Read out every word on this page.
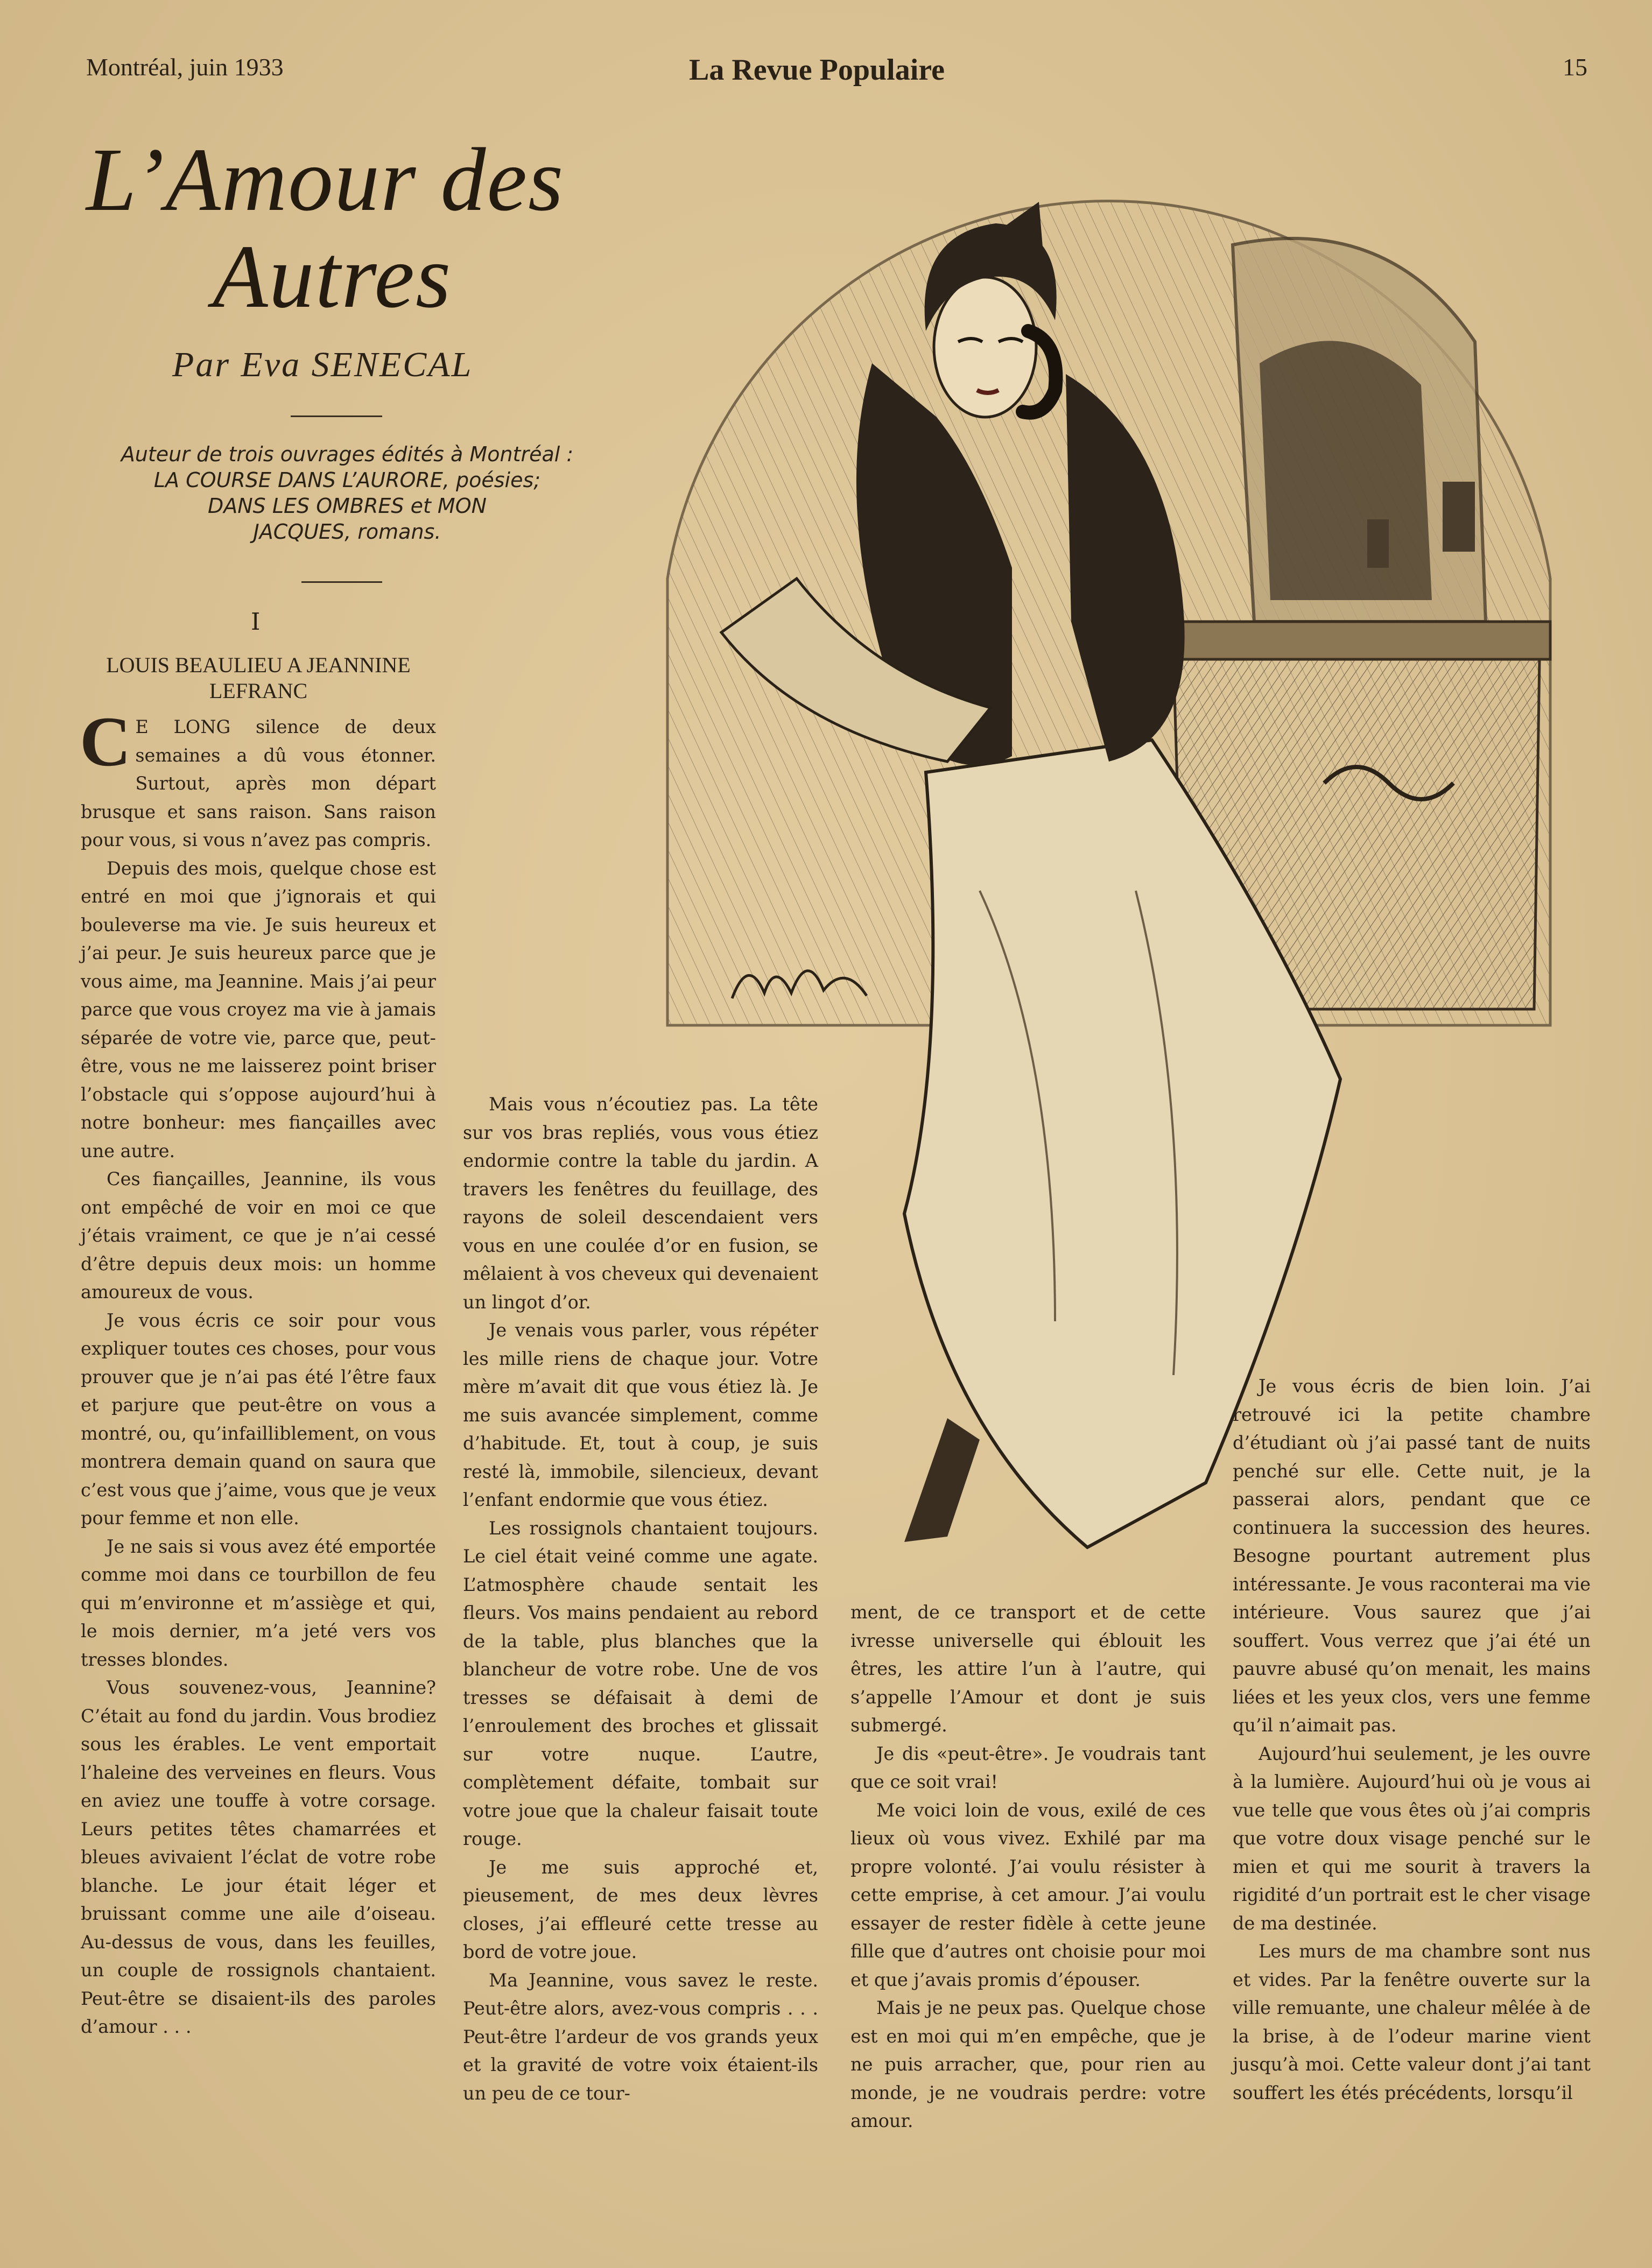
Montréal, juin 1933	La Revue Populaire	15
L’Amour des
Autres
Par Eva SENECAL
Auteur de trois ouvrages édités à Montréal :
LA COURSE DANS L’AURORE, poésies;
DANS LES OMBRES et MON
JACQUES, romans.
I
LOUIS BEAULIEU A JEANNINE LEFRANC

C E LONG silence de deux semaines a dû vous étonner. Surtout, après mon départ brusque et sans raison. Sans raison pour vous, si vous n’avez pas compris.

Depuis des mois, quelque chose est entré en moi que j’ignorais et qui bouleverse ma vie. Je suis heureux et j’ai peur. Je suis heureux parce que je vous aime, ma Jeannine. Mais j’ai peur parce que vous croyez ma vie à jamais séparée de votre vie, parce que, peut-être, vous ne me laisserez point briser l’obstacle qui s’oppose aujourd’hui à notre bonheur: mes fiançailles avec une autre.

Ces fiançailles, Jeannine, ils vous ont empêché de voir en moi ce que j’étais vraiment, ce que je n’ai cessé d’être depuis deux mois: un homme amoureux de vous.

Je vous écris ce soir pour vous expliquer toutes ces choses, pour vous prouver que je n’ai pas été l’être faux et parjure que peut-être on vous a montré, ou, qu’infailliblement, on vous montrera demain quand on saura que c’est vous que j’aime, vous que je veux pour femme et non elle.

Je ne sais si vous avez été emportée comme moi dans ce tourbillon de feu qui m’environne et m’assiège et qui, le mois dernier, m’a jeté vers vos tresses blondes.

Vous souvenez-vous, Jeannine? C’était au fond du jardin. Vous brodiez sous les érables. Le vent emportait l’haleine des verveines en fleurs. Vous en aviez une touffe à votre corsage. Leurs petites têtes chamarrées et bleues avivaient l’éclat de votre robe blanche. Le jour était léger et bruissant comme une aile d’oiseau. Au-dessus de vous, dans les feuilles, un couple de rossignols chantaient. Peut-être se disaient-ils des paroles d’amour . . .

Mais vous n’écoutiez pas. La tête sur vos bras repliés, vous vous étiez endormie contre la table du jardin. A travers les fenêtres du feuillage, des rayons de soleil descendaient vers vous en une coulée d’or en fusion, se mêlaient à vos cheveux qui devenaient un lingot d’or.

Je venais vous parler, vous répéter les mille riens de chaque jour. Votre mère m’avait dit que vous étiez là. Je me suis avancée simplement, comme d’habitude. Et, tout à coup, je suis resté là, immobile, silencieux, devant l’enfant endormie que vous étiez.

Les rossignols chantaient toujours. Le ciel était veiné comme une agate. L’atmosphère chaude sentait les fleurs. Vos mains pendaient au rebord de la table, plus blanches que la blancheur de votre robe. Une de vos tresses se défaisait à demi de l’enroulement des broches et glissait sur votre nuque. L’autre, complètement défaite, tombait sur votre joue que la chaleur faisait toute rouge.

Je me suis approché et, pieusement, de mes deux lèvres closes, j’ai effleuré cette tresse au bord de votre joue.

Ma Jeannine, vous savez le reste. Peut-être alors, avez-vous compris . . . Peut-être l’ardeur de vos grands yeux et la gravité de votre voix étaient-ils un peu de ce tour-

ment, de ce transport et de cette ivresse universelle qui éblouit les êtres, les attire l’un à l’autre, qui s’appelle l’Amour et dont je suis submergé.

Je dis «peut-être». Je voudrais tant que ce soit vrai!

Me voici loin de vous, exilé de ces lieux où vous vivez. Exhilé par ma propre volonté. J’ai voulu résister à cette emprise, à cet amour. J’ai voulu essayer de rester fidèle à cette jeune fille que d’autres ont choisie pour moi et que j’avais promis d’épouser.

Mais je ne peux pas. Quelque chose est en moi qui m’en empêche, que je ne puis arracher, que, pour rien au monde, je ne voudrais perdre: votre amour.

Je vous écris de bien loin. J’ai retrouvé ici la petite chambre d’étudiant où j’ai passé tant de nuits penché sur elle. Cette nuit, je la passerai alors, pendant que ce continuera la succession des heures. Besogne pourtant autrement plus intéressante. Je vous raconterai ma vie intérieure. Vous saurez que j’ai souffert. Vous verrez que j’ai été un pauvre abusé qu’on menait, les mains liées et les yeux clos, vers une femme qu’il n’aimait pas.

Aujourd’hui seulement, je les ouvre à la lumière. Aujourd’hui où je vous ai vue telle que vous êtes où j’ai compris que votre doux visage penché sur le mien et qui me sourit à travers la rigidité d’un portrait est le cher visage de ma destinée.

Les murs de ma chambre sont nus et vides. Par la fenêtre ouverte sur la ville remuante, une chaleur mêlée à de la brise, à de l’odeur marine vient jusqu’à moi. Cette valeur dont j’ai tant souffert les étés précédents, lorsqu’il
